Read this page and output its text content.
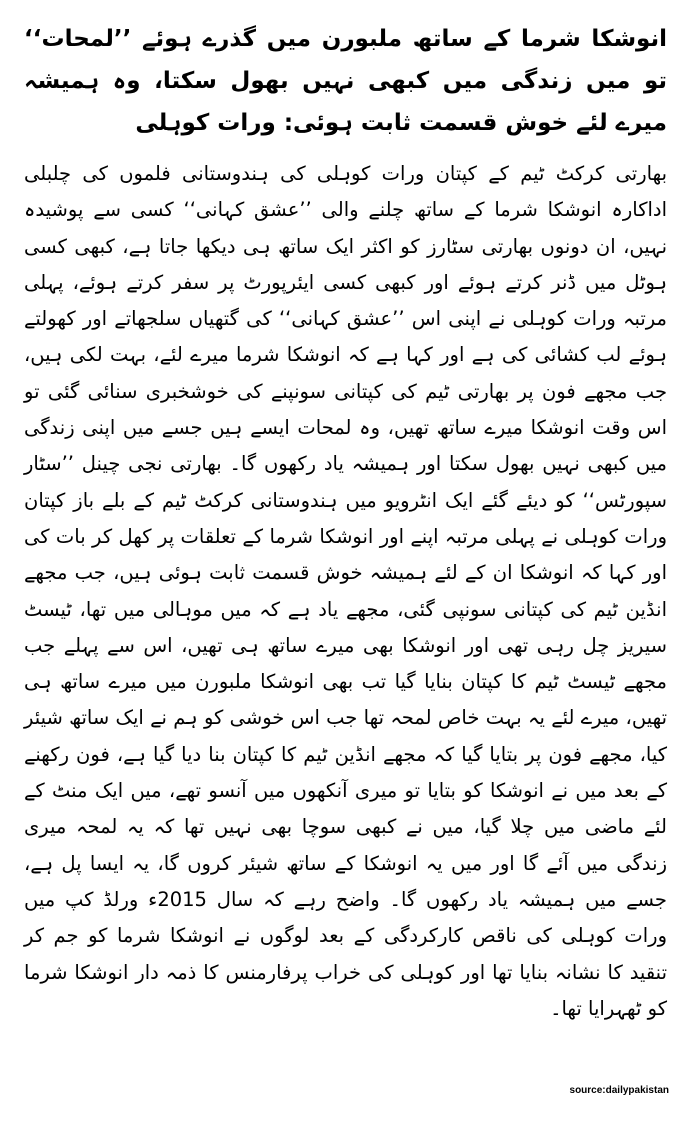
انوشکا شرما کے ساتھ ملبورن میں گذرے ہوئے ’’لمحات‘‘ تو میں زندگی میں کبھی نہیں بھول سکتا، وہ ہمیشہ میرے لئے خوش قسمت ثابت ہوئی: ورات کوہلی

بھارتی کرکٹ ٹیم کے کپتان ورات کوہلی کی ہندوستانی فلموں کی چلبلی اداکارہ انوشکا شرما کے ساتھ چلنے والی ’’عشق کہانی‘‘ کسی سے پوشیدہ نہیں، ان دونوں بھارتی سٹارز کو اکثر ایک ساتھ ہی دیکھا جاتا ہے، کبھی کسی ہوٹل میں ڈنر کرتے ہوئے اور کبھی کسی ایئرپورٹ پر سفر کرتے ہوئے، پہلی مرتبہ ورات کوہلی نے اپنی اس ’’عشق کہانی‘‘ کی گتھیاں سلجھاتے اور کھولتے ہوئے لب کشائی کی ہے اور کہا ہے کہ انوشکا شرما میرے لئے، بہت لکی ہیں، جب مجھے فون پر بھارتی ٹیم کی کپتانی سونپنے کی خوشخبری سنائی گئی تو اس وقت انوشکا میرے ساتھ تھیں، وہ لمحات ایسے ہیں جسے میں اپنی زندگی میں کبھی نہیں بھول سکتا اور ہمیشہ یاد رکھوں گا۔ بھارتی نجی چینل ’’سٹار سپورٹس‘‘ کو دیئے گئے ایک انٹرویو میں ہندوستانی کرکٹ ٹیم کے بلے باز کپتان ورات کوہلی نے پہلی مرتبہ اپنے اور انوشکا شرما کے تعلقات پر کھل کر بات کی اور کہا کہ انوشکا ان کے لئے ہمیشہ خوش قسمت ثابت ہوئی ہیں، جب مجھے انڈین ٹیم کی کپتانی سونپی گئی، مجھے یاد ہے کہ میں موہالی میں تھا، ٹیسٹ سیریز چل رہی تھی اور انوشکا بھی میرے ساتھ ہی تھیں، اس سے پہلے جب مجھے ٹیسٹ ٹیم کا کپتان بنایا گیا تب بھی انوشکا ملبورن میں میرے ساتھ ہی تھیں، میرے لئے یہ بہت خاص لمحہ تھا جب اس خوشی کو ہم نے ایک ساتھ شیئر کیا، مجھے فون پر بتایا گیا کہ مجھے انڈین ٹیم کا کپتان بنا دیا گیا ہے، فون رکھنے کے بعد میں نے انوشکا کو بتایا تو میری آنکھوں میں آنسو تھے، میں ایک منٹ کے لئے ماضی میں چلا گیا، میں نے کبھی سوچا بھی نہیں تھا کہ یہ لمحہ میری زندگی میں آئے گا اور میں یہ انوشکا کے ساتھ شیئر کروں گا، یہ ایسا پل ہے، جسے میں ہمیشہ یاد رکھوں گا۔ واضح رہے کہ سال 2015ء ورلڈ کپ میں ورات کوہلی کی ناقص کارکردگی کے بعد لوگوں نے انوشکا شرما کو جم کر تنقید کا نشانہ بنایا تھا اور کوہلی کی خراب پرفارمنس کا ذمہ دار انوشکا شرما کو ٹھہرایا تھا۔

source:dailypakistan
